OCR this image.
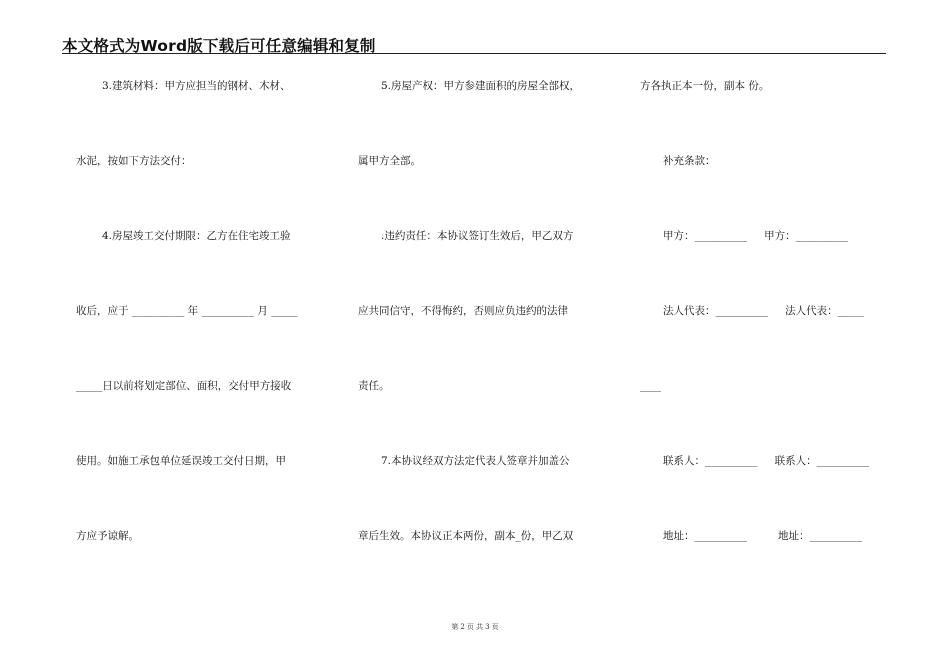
本文格式为Word版下载后可任意编辑和复制
3.建筑材料：甲方应担当的钢材、木材、
水泥，按如下方法交付：
4.房屋竣工交付期限：乙方在住宅竣工验
收后，应于 __________ 年 __________ 月 _____
_____日以前将划定部位、面积，交付甲方接收
使用。如施工承包单位延误竣工交付日期，甲
方应予谅解。
5.房屋产权：甲方参建面积的房屋全部权，
属甲方全部。
.违约责任：本协议签订生效后，甲乙双方
应共同信守，不得悔约，否则应负违约的法律
责任。
7.本协议经双方法定代表人签章并加盖公
章后生效。本协议正本两份，副本_份，甲乙双
方各执正本一份，副本 份。
补充条款：
甲方：__________ 　 甲方：__________
法人代表：__________ 　 法人代表：_____
____
联系人：__________ 　 联系人：__________
地址：__________ 　 　 地址：__________
第 2 页 共 3 页
